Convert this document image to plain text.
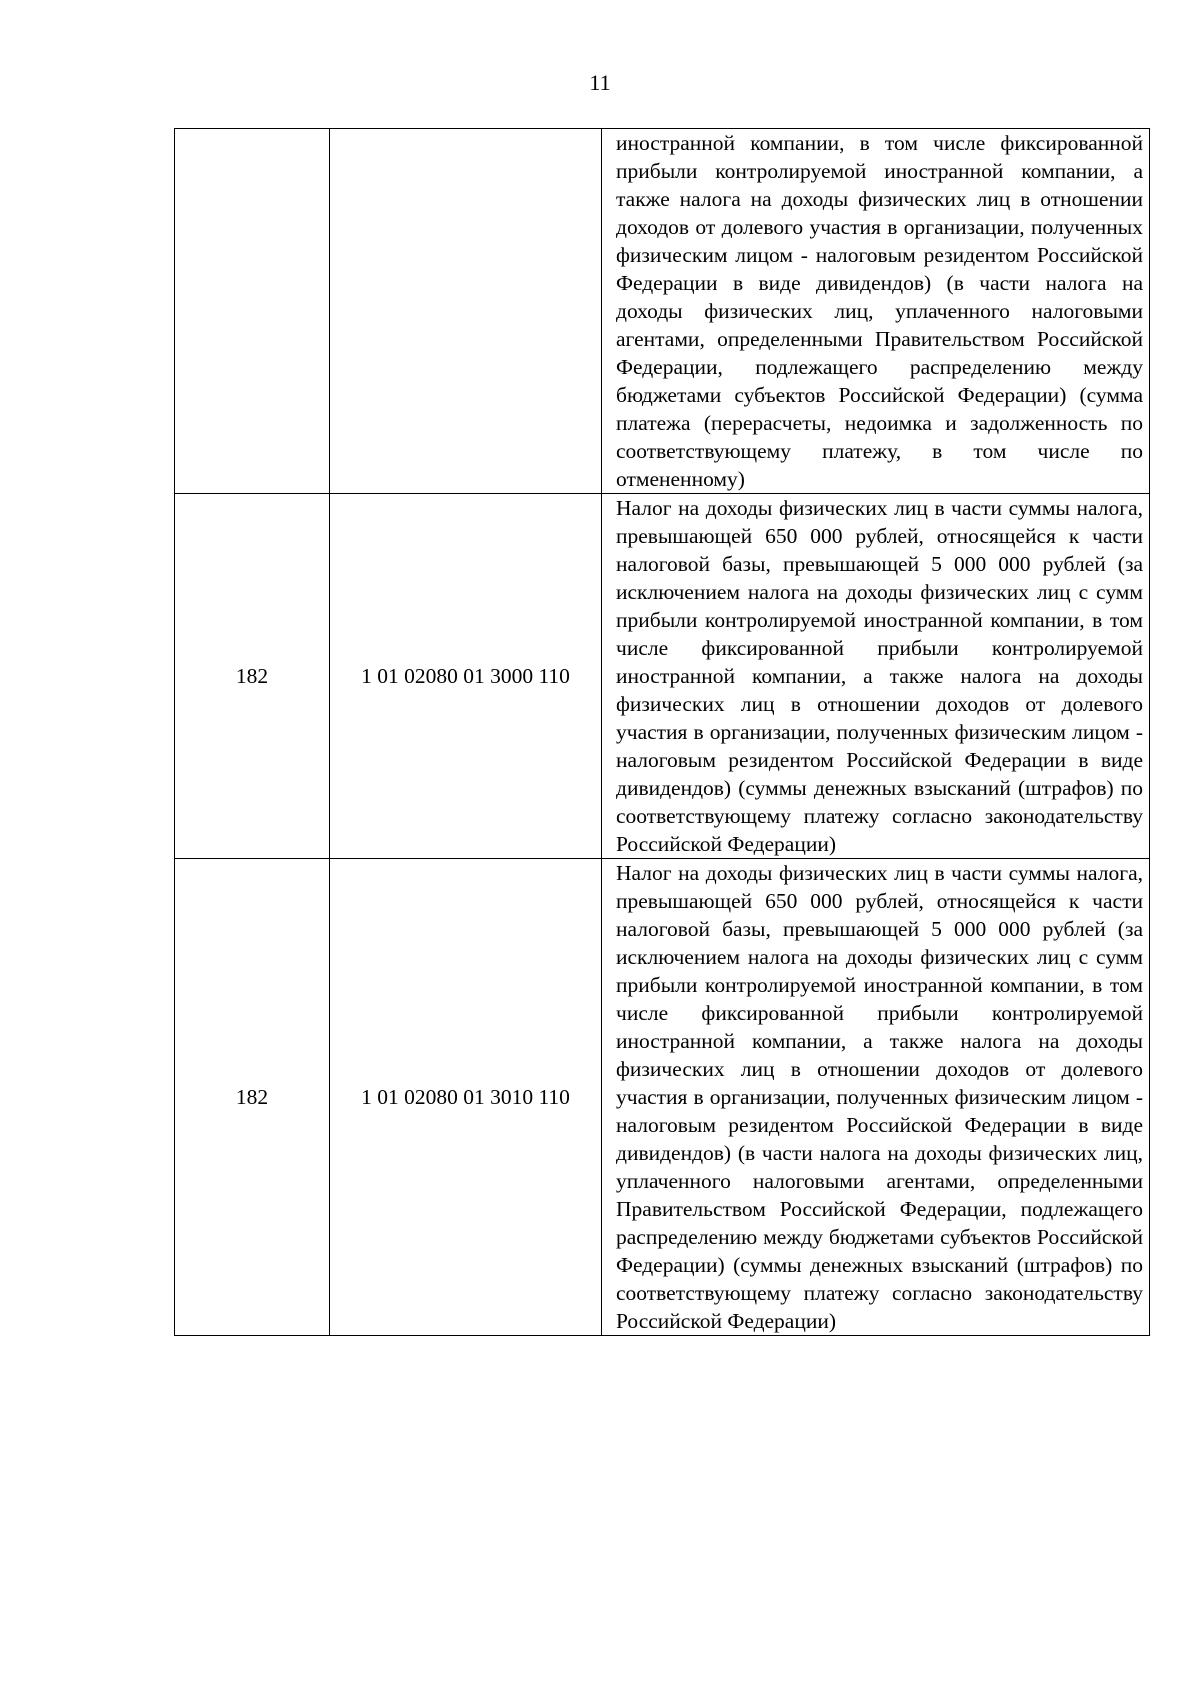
11

		иностранной компании, в том числе фиксированной прибыли контролируемой иностранной компании, а также налога на доходы физических лиц в отношении доходов от долевого участия в организации, полученных физическим лицом - налоговым резидентом Российской Федерации в виде дивидендов) (в части налога на доходы физических лиц, уплаченного налоговыми агентами, определенными Правительством Российской Федерации, подлежащего распределению между бюджетами субъектов Российской Федерации) (сумма платежа (перерасчеты, недоимка и задолженность по соответствующему платежу, в том числе по отмененному)

182	1 01 02080 01 3000 110	Налог на доходы физических лиц в части суммы налога, превышающей 650 000 рублей, относящейся к части налоговой базы, превышающей 5 000 000 рублей (за исключением налога на доходы физических лиц с сумм прибыли контролируемой иностранной компании, в том числе фиксированной прибыли контролируемой иностранной компании, а также налога на доходы физических лиц в отношении доходов от долевого участия в организации, полученных физическим лицом - налоговым резидентом Российской Федерации в виде дивидендов) (суммы денежных взысканий (штрафов) по соответствующему платежу согласно законодательству Российской Федерации)

182	1 01 02080 01 3010 110	Налог на доходы физических лиц в части суммы налога, превышающей 650 000 рублей, относящейся к части налоговой базы, превышающей 5 000 000 рублей (за исключением налога на доходы физических лиц с сумм прибыли контролируемой иностранной компании, в том числе фиксированной прибыли контролируемой иностранной компании, а также налога на доходы физических лиц в отношении доходов от долевого участия в организации, полученных физическим лицом - налоговым резидентом Российской Федерации в виде дивидендов) (в части налога на доходы физических лиц, уплаченного налоговыми агентами, определенными Правительством Российской Федерации, подлежащего распределению между бюджетами субъектов Российской Федерации) (суммы денежных взысканий (штрафов) по соответствующему платежу согласно законодательству Российской Федерации)
